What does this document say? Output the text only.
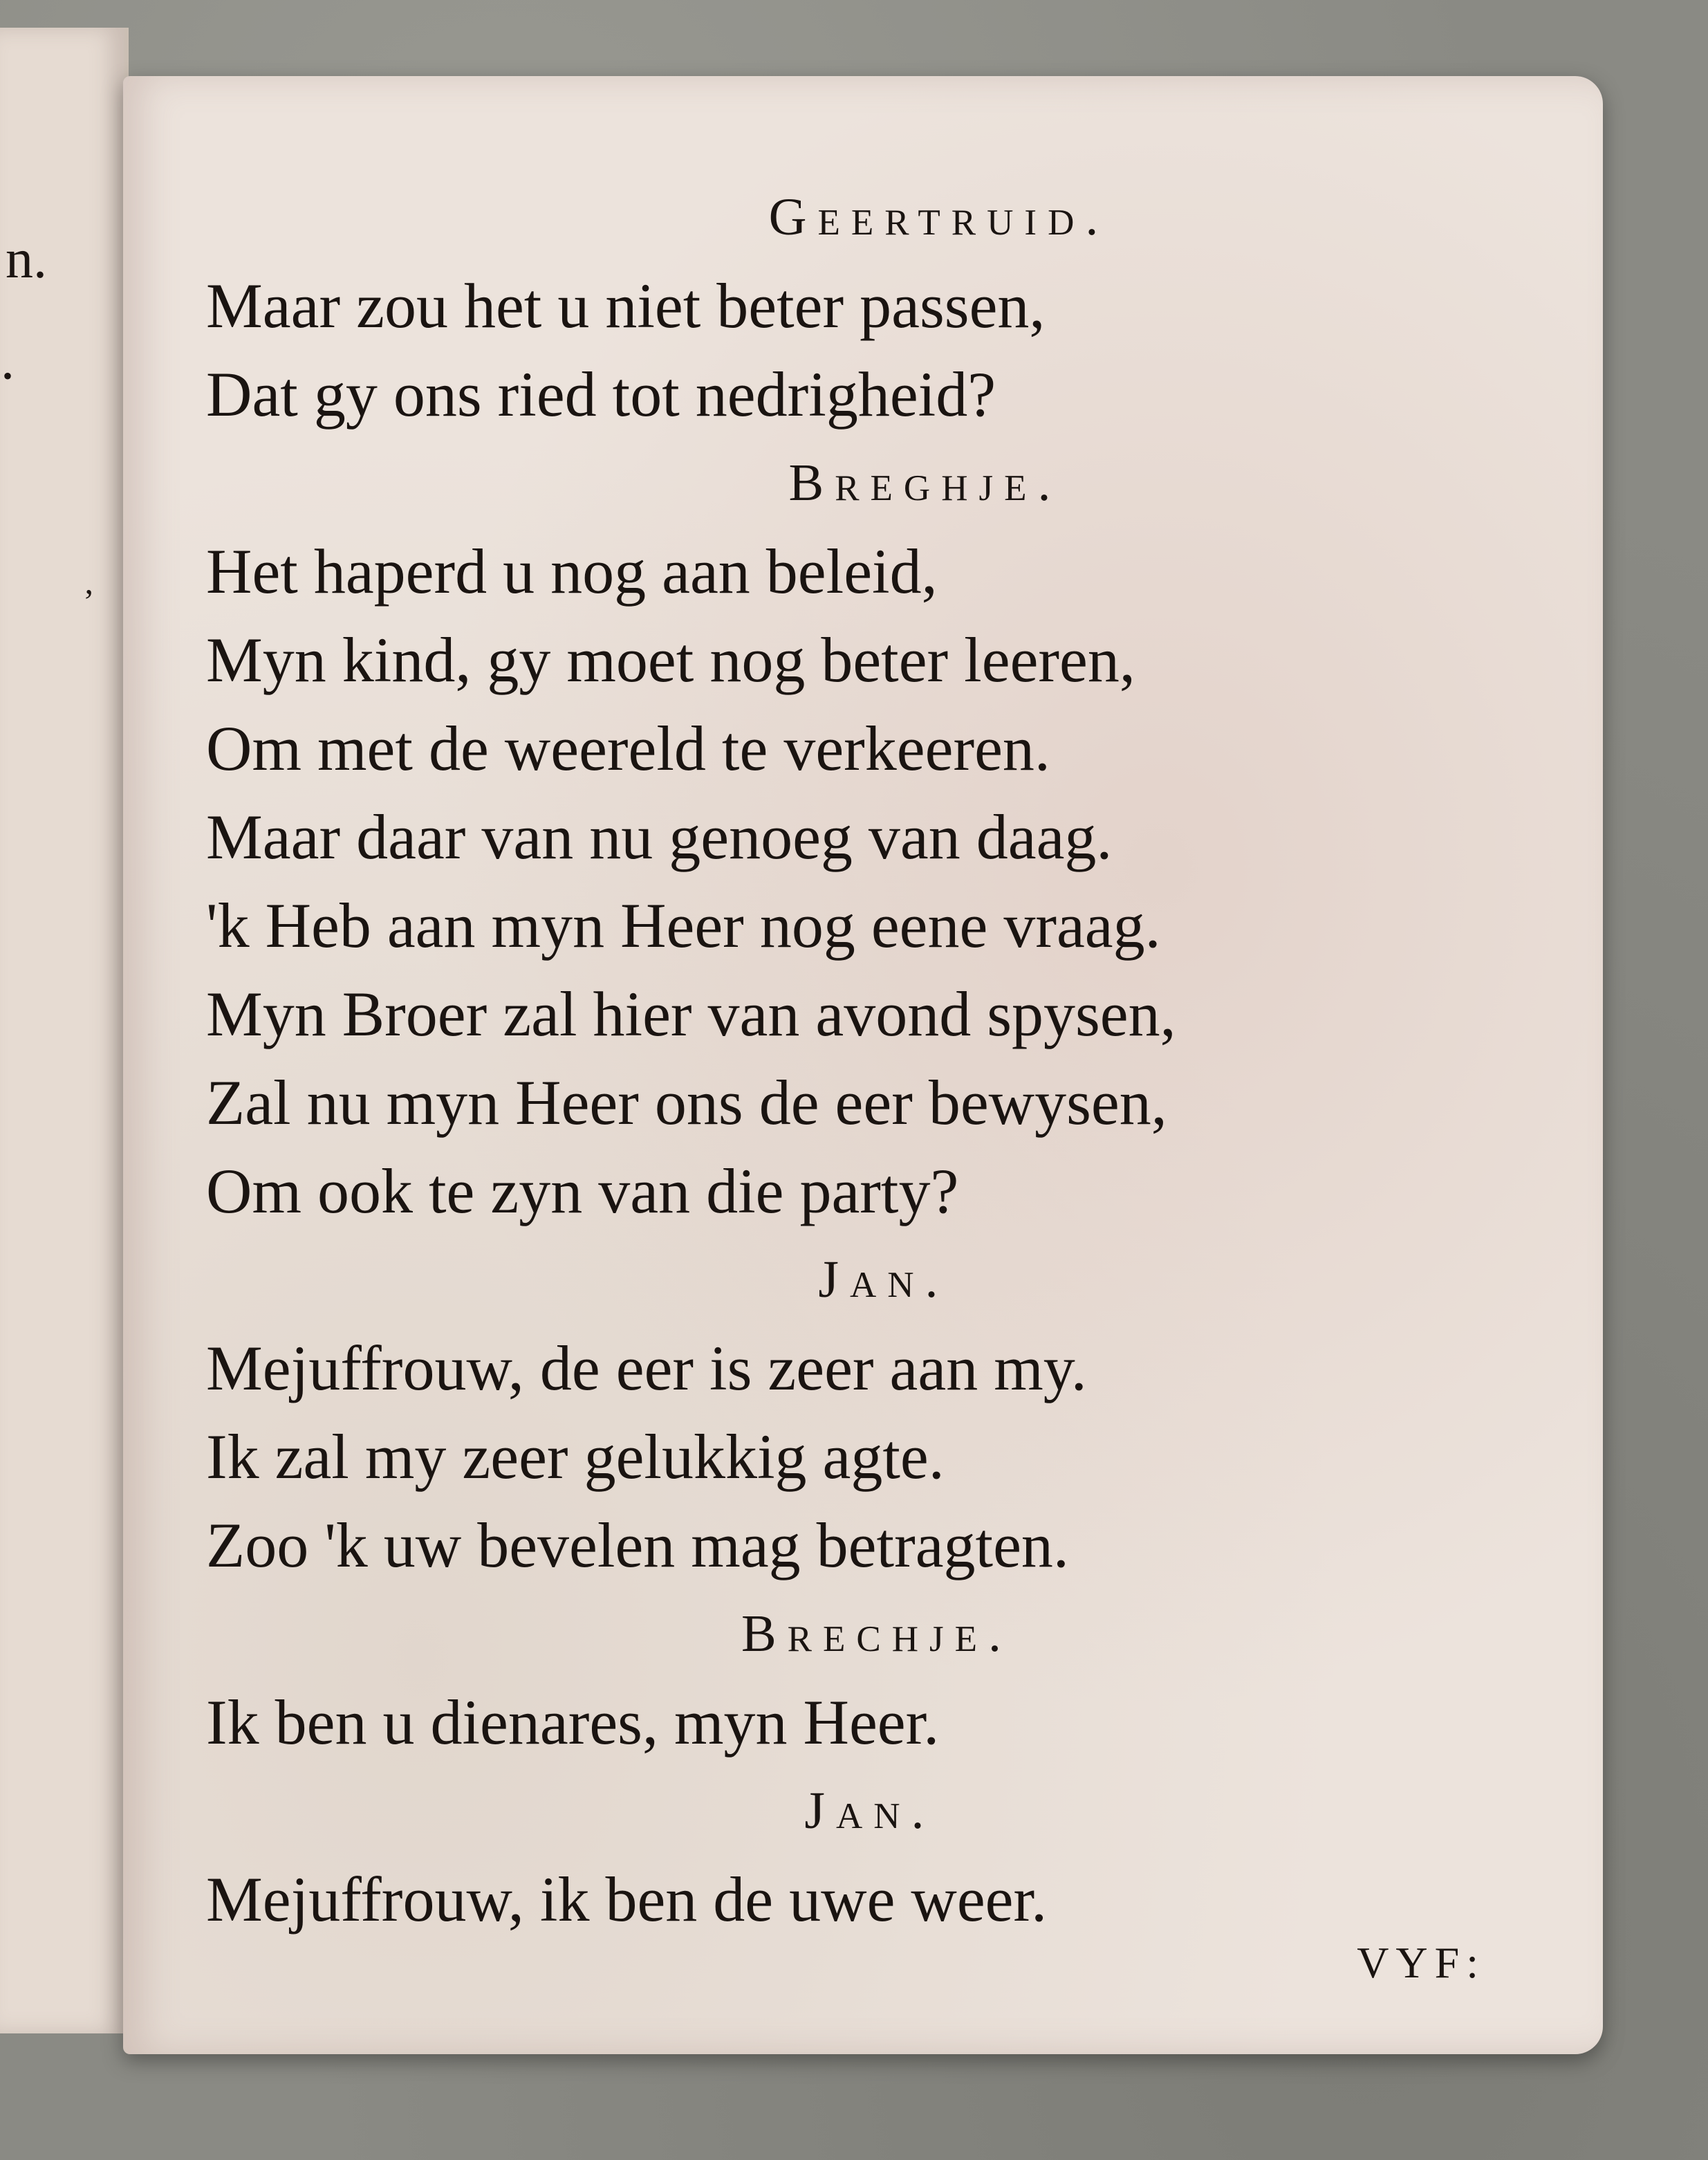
n.
•
ʼ
Geertruid.
Maar zou het u niet beter passen,
Dat gy ons ried tot nedrigheid?
Breghje.
Het haperd u nog aan beleid,
Myn kind, gy moet nog beter leeren,
Om met de weereld te verkeeren.
Maar daar van nu genoeg van daag.
'k Heb aan myn Heer nog eene vraag.
Myn Broer zal hier van avond spysen,
Zal nu myn Heer ons de eer bewysen,
Om ook te zyn van die party?
Jan.
Mejuffrouw, de eer is zeer aan my.
Ik zal my zeer gelukkig agte.
Zoo 'k uw bevelen mag betragten.
Brechje.
Ik ben u dienares, myn Heer.
Jan.
Mejuffrouw, ik ben de uwe weer.
VYF:
